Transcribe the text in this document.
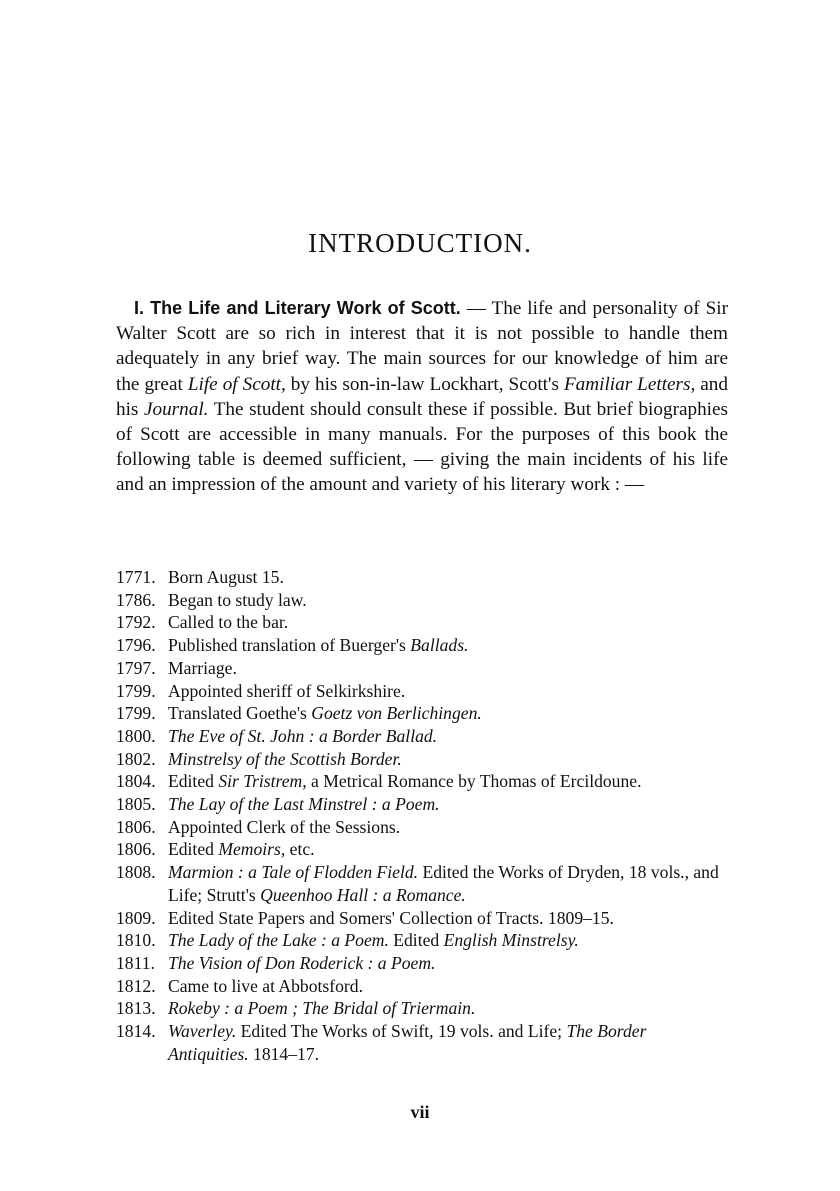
INTRODUCTION.
I. The Life and Literary Work of Scott. — The life and personality of Sir Walter Scott are so rich in interest that it is not possible to handle them adequately in any brief way. The main sources for our knowledge of him are the great Life of Scott, by his son-in-law Lockhart, Scott's Familiar Letters, and his Journal. The student should consult these if possible. But brief biographies of Scott are accessible in many manuals. For the purposes of this book the following table is deemed sufficient, — giving the main incidents of his life and an impression of the amount and variety of his literary work : —
1771. Born August 15.
1786. Began to study law.
1792. Called to the bar.
1796. Published translation of Buerger's Ballads.
1797. Marriage.
1799. Appointed sheriff of Selkirkshire.
1799. Translated Goethe's Goetz von Berlichingen.
1800. The Eve of St. John : a Border Ballad.
1802. Minstrelsy of the Scottish Border.
1804. Edited Sir Tristrem, a Metrical Romance by Thomas of Ercildoune.
1805. The Lay of the Last Minstrel : a Poem.
1806. Appointed Clerk of the Sessions.
1806. Edited Memoirs, etc.
1808. Marmion : a Tale of Flodden Field. Edited the Works of Dryden, 18 vols., and Life; Strutt's Queenhoo Hall : a Romance.
1809. Edited State Papers and Somers' Collection of Tracts. 1809–15.
1810. The Lady of the Lake : a Poem. Edited English Minstrelsy.
1811. The Vision of Don Roderick : a Poem.
1812. Came to live at Abbotsford.
1813. Rokeby : a Poem ; The Bridal of Triermain.
1814. Waverley. Edited The Works of Swift, 19 vols. and Life; The Border Antiquities. 1814–17.
vii
